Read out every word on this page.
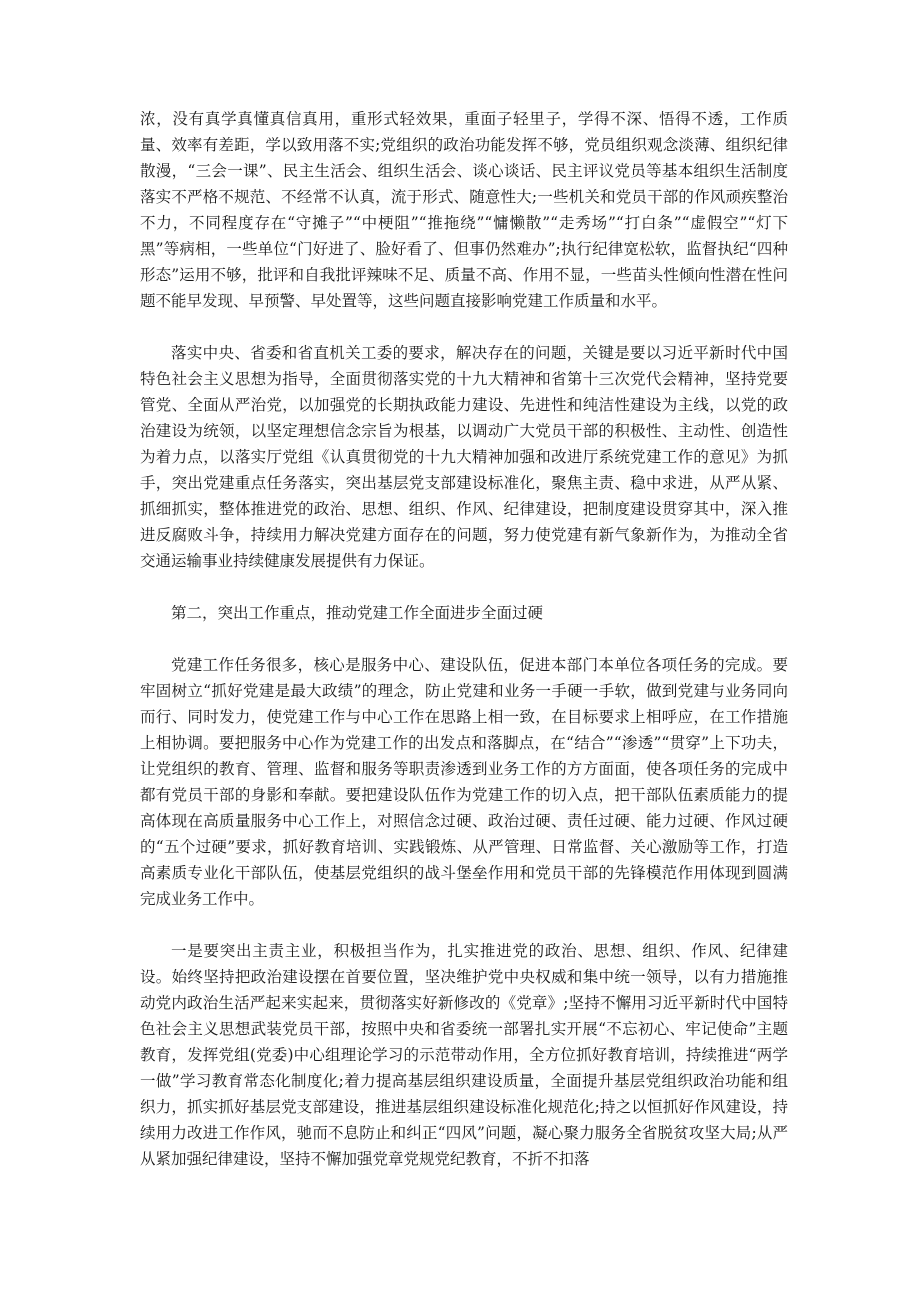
浓，没有真学真懂真信真用，重形式轻效果，重面子轻里子，学得不深、悟得不透，工作质量、效率有差距，学以致用落不实;党组织的政治功能发挥不够，党员组织观念淡薄、组织纪律散漫，“三会一课”、民主生活会、组织生活会、谈心谈话、民主评议党员等基本组织生活制度落实不严格不规范、不经常不认真，流于形式、随意性大;一些机关和党员干部的作风顽疾整治不力，不同程度存在“守摊子”“中梗阻”“推拖绕”“慵懒散”“走秀场”“打白条”“虚假空”“灯下黑”等病相，一些单位“门好进了、脸好看了、但事仍然难办”;执行纪律宽松软，监督执纪“四种形态”运用不够，批评和自我批评辣味不足、质量不高、作用不显，一些苗头性倾向性潜在性问题不能早发现、早预警、早处置等，这些问题直接影响党建工作质量和水平。

落实中央、省委和省直机关工委的要求，解决存在的问题，关键是要以习近平新时代中国特色社会主义思想为指导，全面贯彻落实党的十九大精神和省第十三次党代会精神，坚持党要管党、全面从严治党，以加强党的长期执政能力建设、先进性和纯洁性建设为主线，以党的政治建设为统领，以坚定理想信念宗旨为根基，以调动广大党员干部的积极性、主动性、创造性为着力点，以落实厅党组《认真贯彻党的十九大精神加强和改进厅系统党建工作的意见》为抓手，突出党建重点任务落实，突出基层党支部建设标准化，聚焦主责、稳中求进，从严从紧、抓细抓实，整体推进党的政治、思想、组织、作风、纪律建设，把制度建设贯穿其中，深入推进反腐败斗争，持续用力解决党建方面存在的问题，努力使党建有新气象新作为，为推动全省交通运输事业持续健康发展提供有力保证。

第二，突出工作重点，推动党建工作全面进步全面过硬

党建工作任务很多，核心是服务中心、建设队伍，促进本部门本单位各项任务的完成。要牢固树立“抓好党建是最大政绩”的理念，防止党建和业务一手硬一手软，做到党建与业务同向而行、同时发力，使党建工作与中心工作在思路上相一致，在目标要求上相呼应，在工作措施上相协调。要把服务中心作为党建工作的出发点和落脚点，在“结合”“渗透”“贯穿”上下功夫，让党组织的教育、管理、监督和服务等职责渗透到业务工作的方方面面，使各项任务的完成中都有党员干部的身影和奉献。要把建设队伍作为党建工作的切入点，把干部队伍素质能力的提高体现在高质量服务中心工作上，对照信念过硬、政治过硬、责任过硬、能力过硬、作风过硬的“五个过硬”要求，抓好教育培训、实践锻炼、从严管理、日常监督、关心激励等工作，打造高素质专业化干部队伍，使基层党组织的战斗堡垒作用和党员干部的先锋模范作用体现到圆满完成业务工作中。

一是要突出主责主业，积极担当作为，扎实推进党的政治、思想、组织、作风、纪律建设。始终坚持把政治建设摆在首要位置，坚决维护党中央权威和集中统一领导，以有力措施推动党内政治生活严起来实起来，贯彻落实好新修改的《党章》;坚持不懈用习近平新时代中国特色社会主义思想武装党员干部，按照中央和省委统一部署扎实开展“不忘初心、牢记使命”主题教育，发挥党组(党委)中心组理论学习的示范带动作用，全方位抓好教育培训，持续推进“两学一做”学习教育常态化制度化;着力提高基层组织建设质量，全面提升基层党组织政治功能和组织力，抓实抓好基层党支部建设，推进基层组织建设标准化规范化;持之以恒抓好作风建设，持续用力改进工作作风，驰而不息防止和纠正“四风”问题，凝心聚力服务全省脱贫攻坚大局;从严从紧加强纪律建设，坚持不懈加强党章党规党纪教育，不折不扣落
